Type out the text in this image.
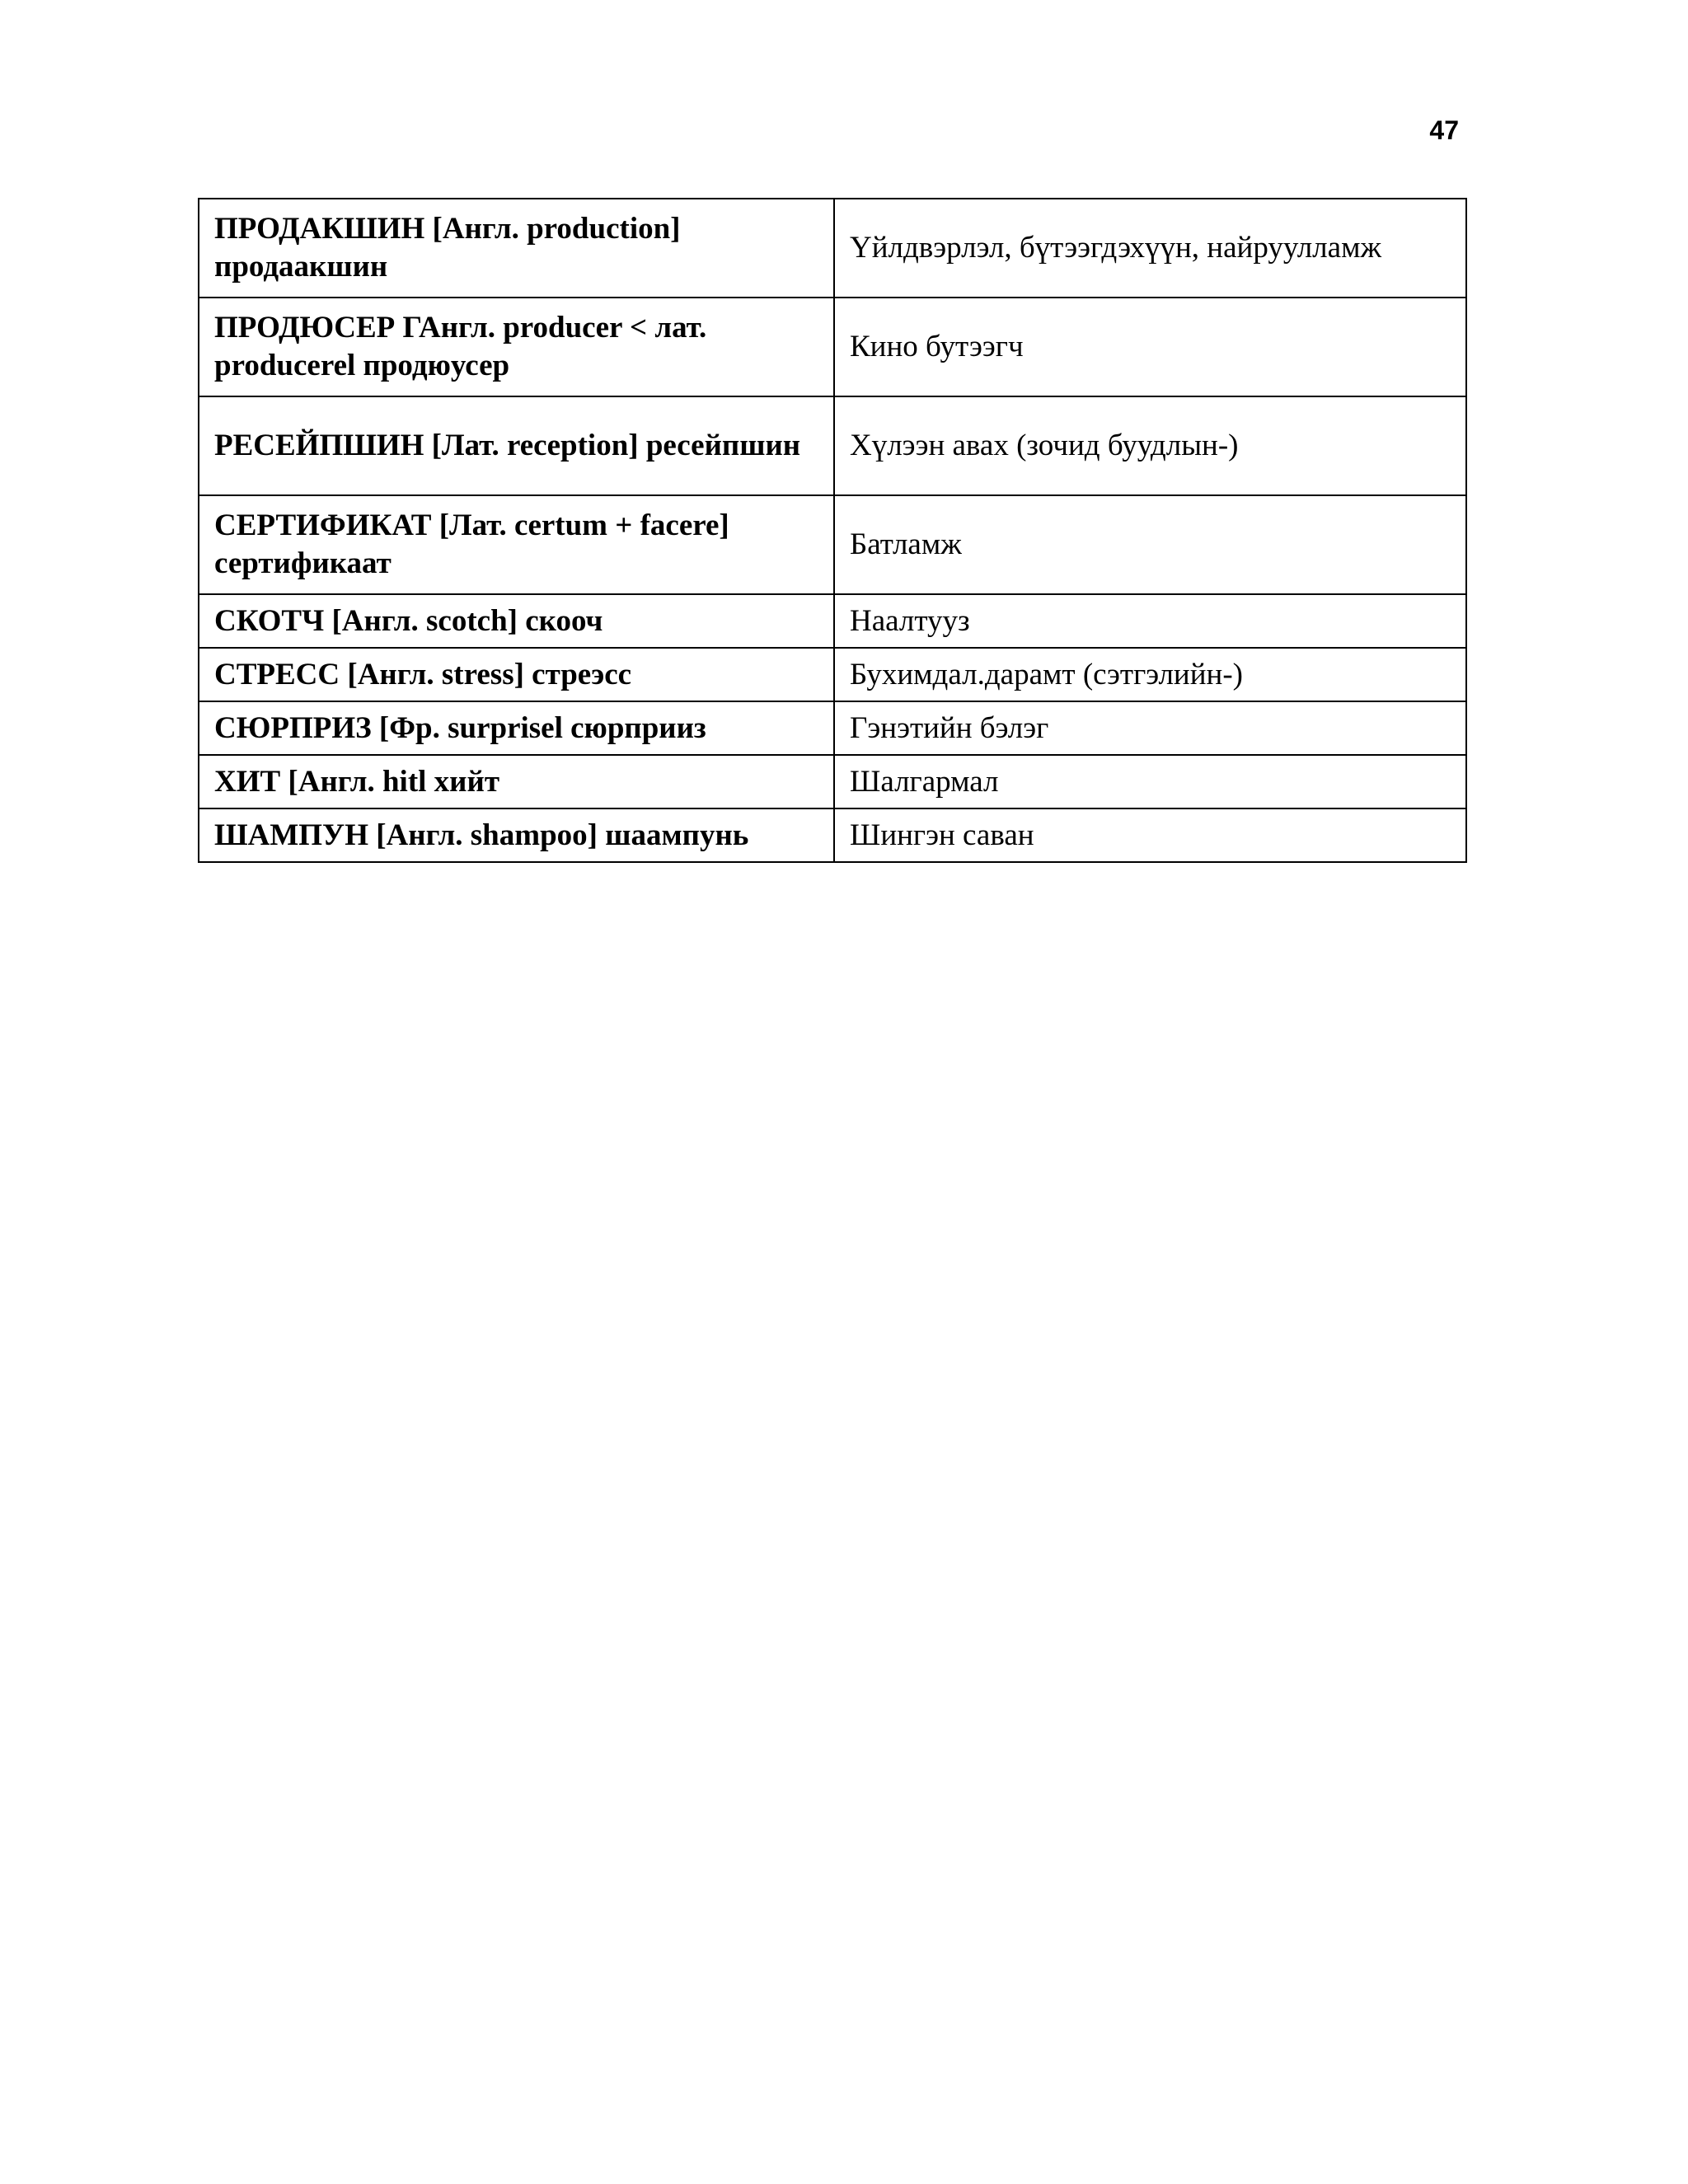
47
ПРОДАКШИН [Англ. production] продаакшин	Үйлдвэрлэл, бүтээгдэхүүн, найруулламж
ПРОДЮСЕР ГАнгл. producer < лат. producerel продюусер	Кино бутээгч
РЕСЕЙПШИН [Лат. reception] ресейпшин	Хүлээн авах (зочид буудлын-)
СЕРТИФИКАТ [Лат. certum + facere] сертификаат	Батламж
СКОТЧ [Англ. scotch] скооч	Наалтууз
СТРЕСС [Англ. stress] стреэсс	Бухимдал.дарамт (сэтгэлийн-)
СЮРПРИЗ [Фр. surprisel сюрприиз	Гэнэтийн бэлэг
ХИТ [Англ. hitl хийт	Шалгармал
ШАМПУН [Англ. shampoo] шаампунь	Шингэн саван
